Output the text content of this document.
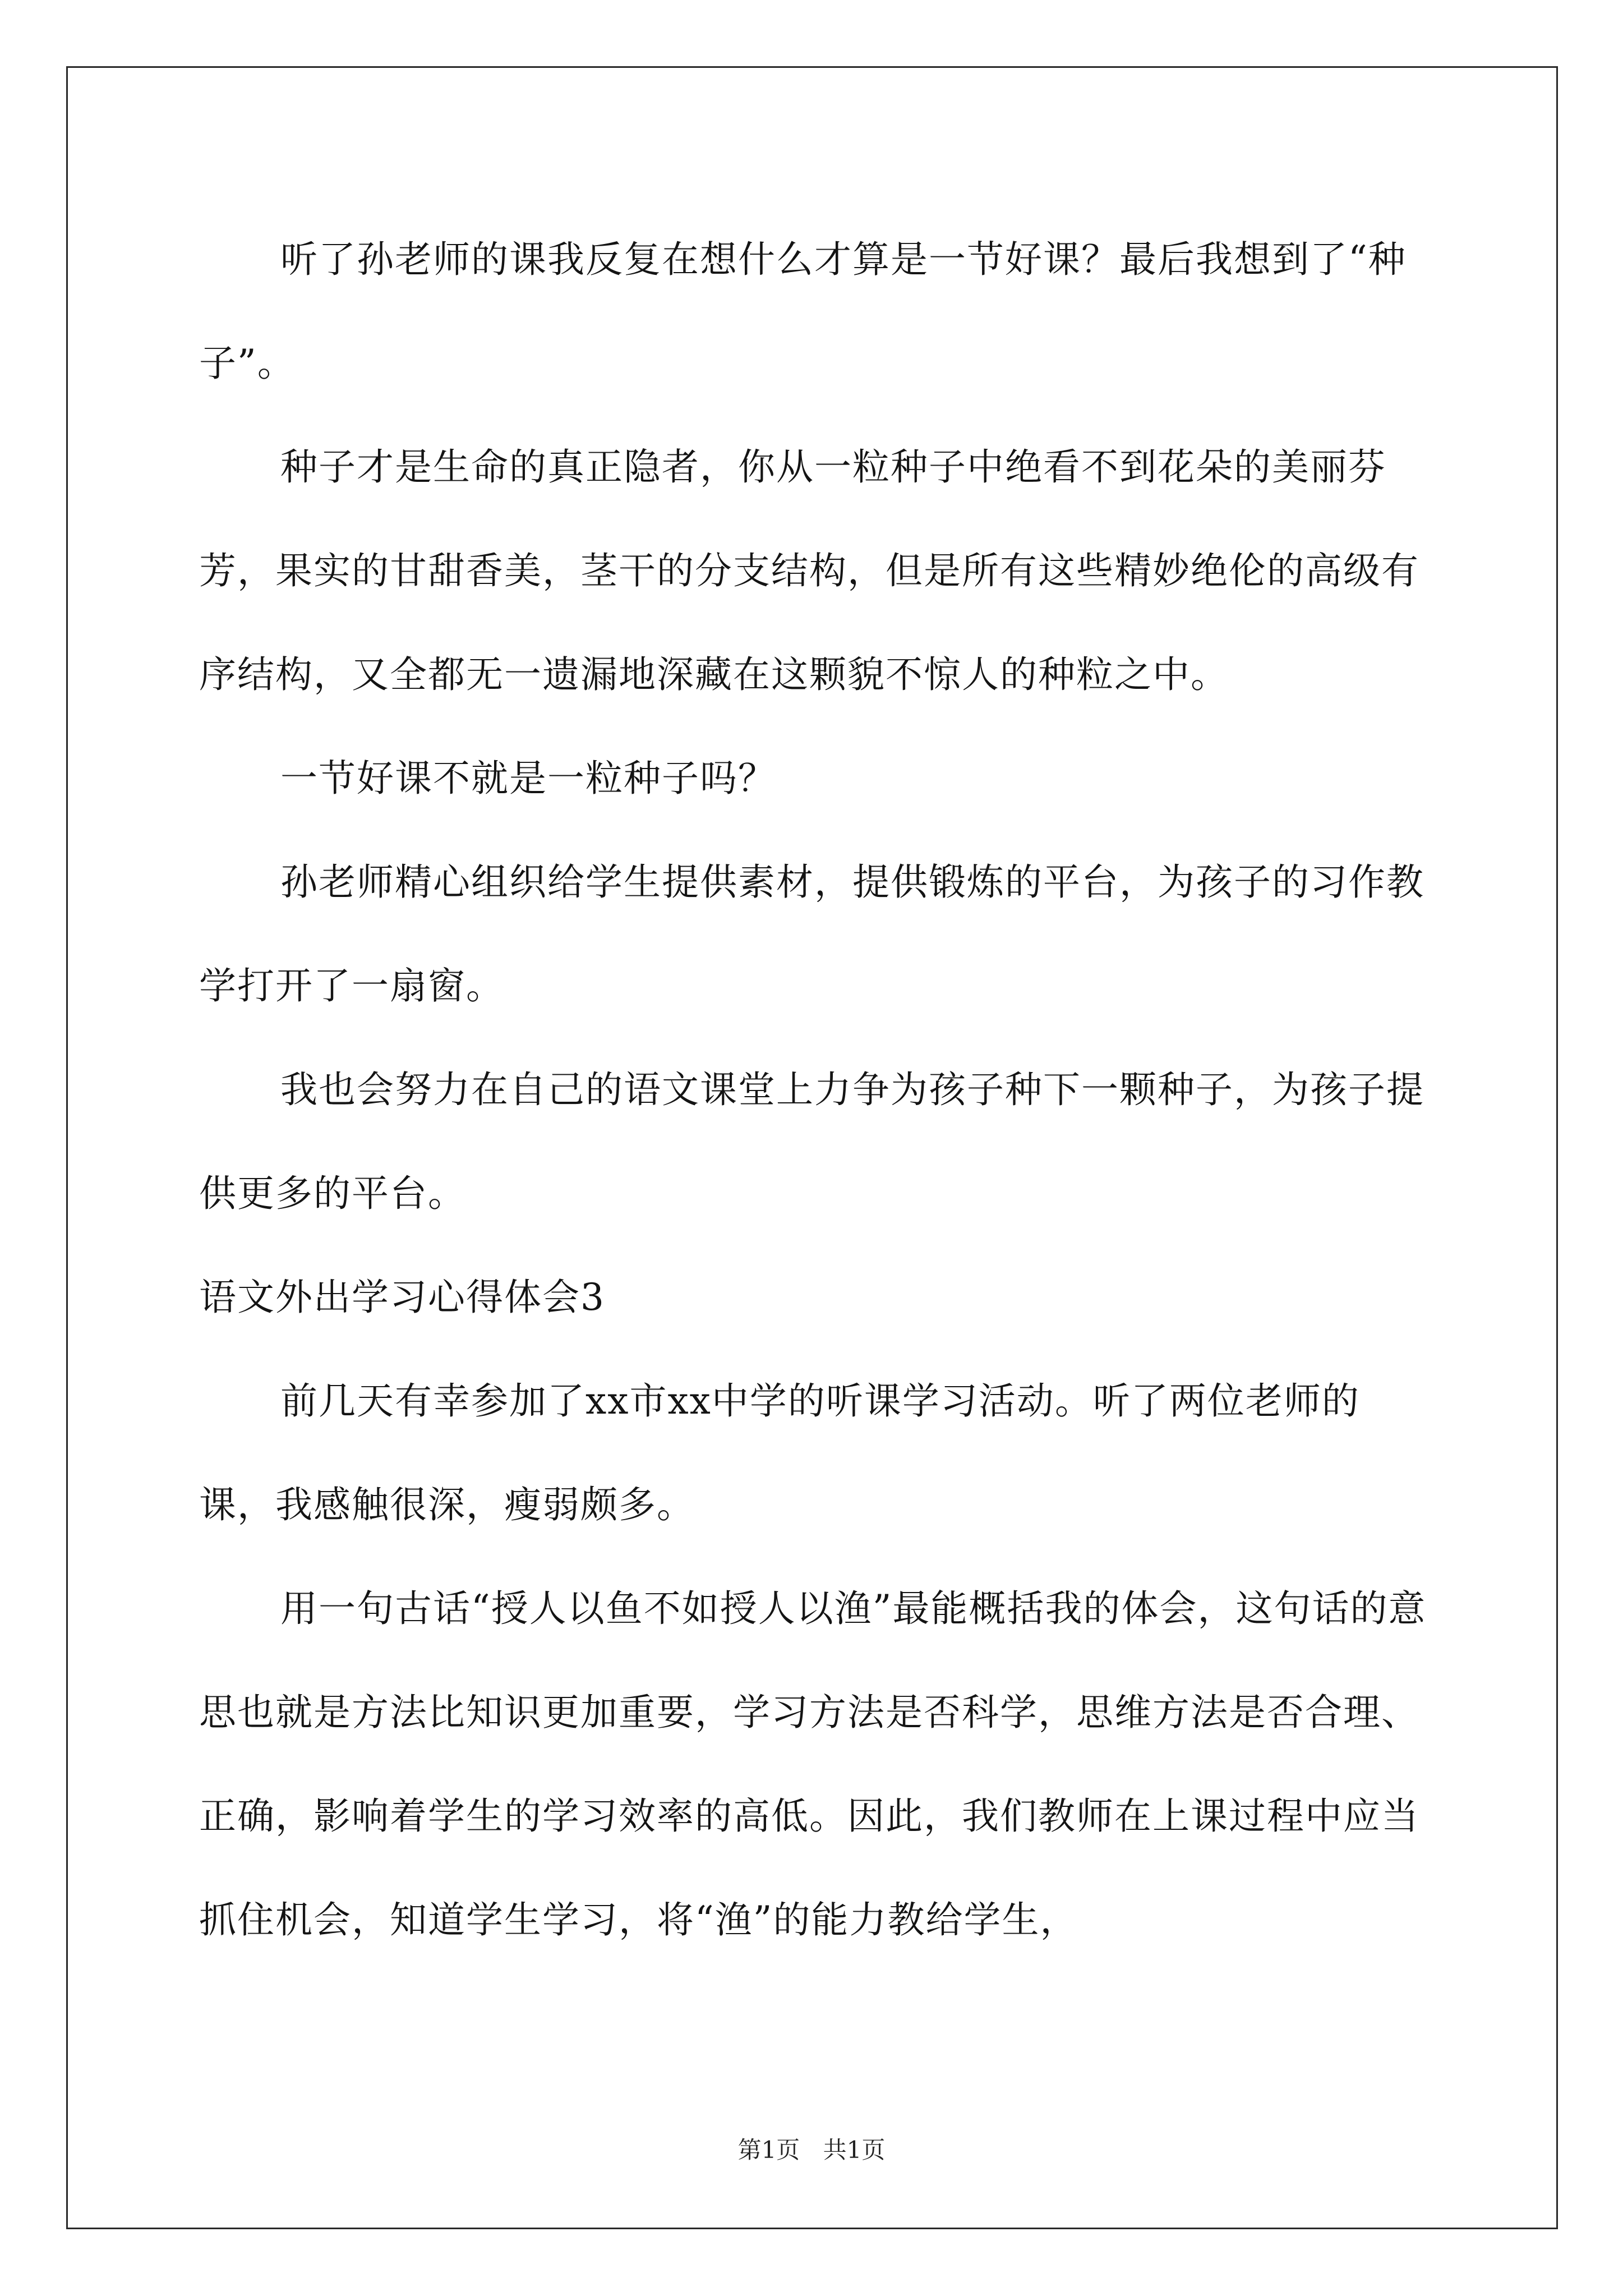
听了孙老师的课我反复在想什么才算是一节好课？最后我想到了“种子”。

种子才是生命的真正隐者，你从一粒种子中绝看不到花朵的美丽芬芳，果实的甘甜香美，茎干的分支结构，但是所有这些精妙绝伦的高级有序结构，又全都无一遗漏地深藏在这颗貌不惊人的种粒之中。

一节好课不就是一粒种子吗？

孙老师精心组织给学生提供素材，提供锻炼的平台，为孩子的习作教学打开了一扇窗。

我也会努力在自己的语文课堂上力争为孩子种下一颗种子，为孩子提供更多的平台。

语文外出学习心得体会3

前几天有幸参加了xx市xx中学的听课学习活动。听了两位老师的课，我感触很深，瘦弱颇多。

用一句古话“授人以鱼不如授人以渔”最能概括我的体会，这句话的意思也就是方法比知识更加重要，学习方法是否科学，思维方法是否合理、正确，影响着学生的学习效率的高低。因此，我们教师在上课过程中应当抓住机会，知道学生学习，将“渔”的能力教给学生，

第1页 共1页
